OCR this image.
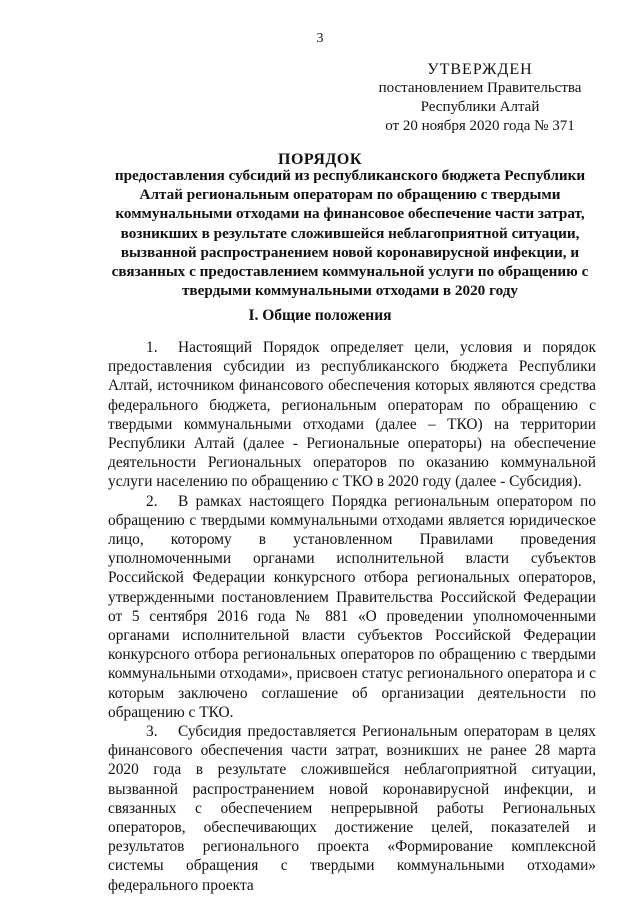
3
УТВЕРЖДЕН
постановлением Правительства
Республики Алтай
от 20 ноября 2020 года № 371
ПОРЯДОК
предоставления субсидий из республиканского бюджета Республики Алтай региональным операторам по обращению с твердыми коммунальными отходами на финансовое обеспечение части затрат, возникших в результате сложившейся неблагоприятной ситуации, вызванной распространением новой коронавирусной инфекции, и связанных с предоставлением коммунальной услуги по обращению с твердыми коммунальными отходами в 2020 году
I. Общие положения
1. Настоящий Порядок определяет цели, условия и порядок предоставления субсидии из республиканского бюджета Республики Алтай, источником финансового обеспечения которых являются средства федерального бюджета, региональным операторам по обращению с твердыми коммунальными отходами (далее – ТКО) на территории Республики Алтай (далее - Региональные операторы) на обеспечение деятельности Региональных операторов по оказанию коммунальной услуги населению по обращению с ТКО в 2020 году (далее - Субсидия).
2. В рамках настоящего Порядка региональным оператором по обращению с твердыми коммунальными отходами является юридическое лицо, которому в установленном Правилами проведения уполномоченными органами исполнительной власти субъектов Российской Федерации конкурсного отбора региональных операторов, утвержденными постановлением Правительства Российской Федерации от 5 сентября 2016 года № 881 «О проведении уполномоченными органами исполнительной власти субъектов Российской Федерации конкурсного отбора региональных операторов по обращению с твердыми коммунальными отходами», присвоен статус регионального оператора и с которым заключено соглашение об организации деятельности по обращению с ТКО.
3. Субсидия предоставляется Региональным операторам в целях финансового обеспечения части затрат, возникших не ранее 28 марта 2020 года в результате сложившейся неблагоприятной ситуации, вызванной распространением новой коронавирусной инфекции, и связанных с обеспечением непрерывной работы Региональных операторов, обеспечивающих достижение целей, показателей и результатов регионального проекта «Формирование комплексной системы обращения с твердыми коммунальными отходами» федерального проекта
